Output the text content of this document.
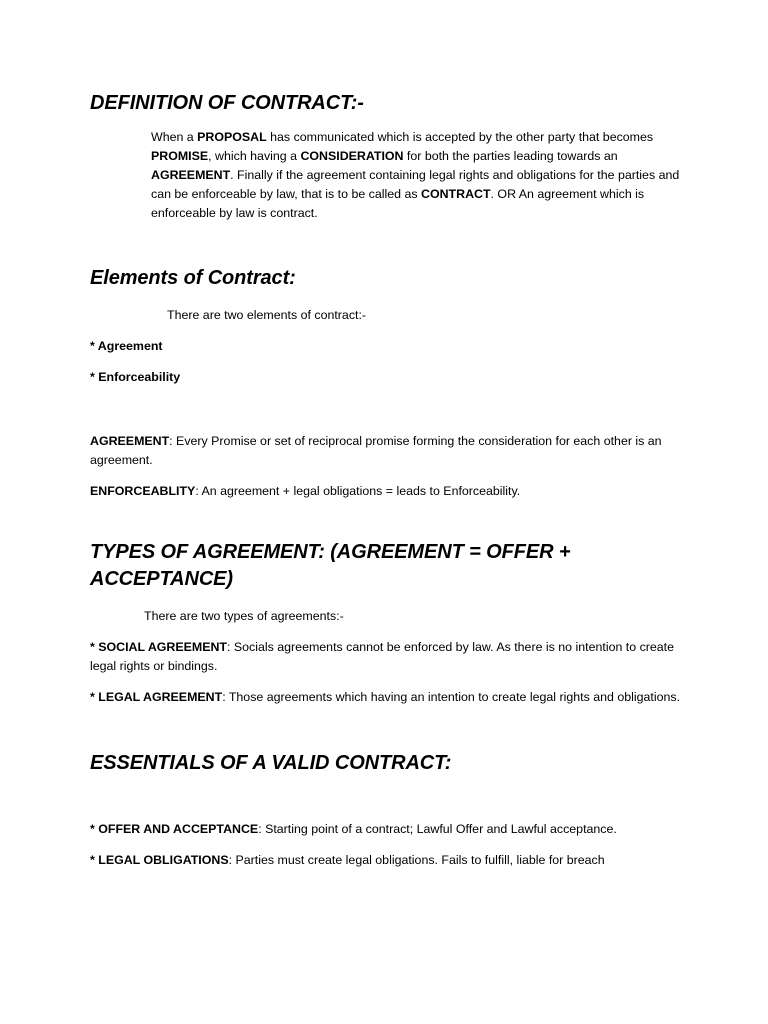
DEFINITION OF CONTRACT:-

When a PROPOSAL has communicated which is accepted by the other party that becomes PROMISE, which having a CONSIDERATION for both the parties leading towards an AGREEMENT. Finally if the agreement containing legal rights and obligations for the parties and can be enforceable by law, that is to be called as CONTRACT. OR An agreement which is enforceable by law is contract.

Elements of Contract:

There are two elements of contract:-

* Agreement

* Enforceability

AGREEMENT: Every Promise or set of reciprocal promise forming the consideration for each other is an agreement.

ENFORCEABLITY: An agreement + legal obligations = leads to Enforceability.

TYPES OF AGREEMENT: (AGREEMENT = OFFER + ACCEPTANCE)

There are two types of agreements:-

* SOCIAL AGREEMENT: Socials agreements cannot be enforced by law. As there is no intention to create legal rights or bindings.

* LEGAL AGREEMENT: Those agreements which having an intention to create legal rights and obligations.

ESSENTIALS OF A VALID CONTRACT:

* OFFER AND ACCEPTANCE: Starting point of a contract; Lawful Offer and Lawful acceptance.

* LEGAL OBLIGATIONS: Parties must create legal obligations. Fails to fulfill, liable for breach
